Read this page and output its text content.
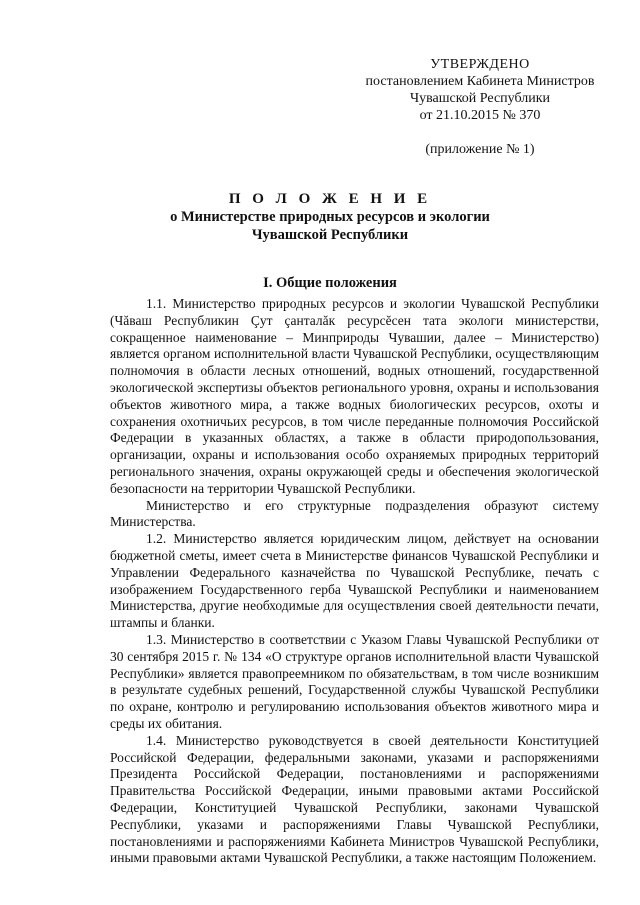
УТВЕРЖДЕНО
постановлением Кабинета Министров
Чувашской Республики
от 21.10.2015 № 370
(приложение № 1)
П О Л О Ж Е Н И Е
о Министерстве природных ресурсов и экологии
Чувашской Республики
I. Общие положения

1.1. Министерство природных ресурсов и экологии Чувашской Республики (Чăваш Республикин Çут çанталăк ресурсĕсен тата экологи министерстви, сокращенное наименование – Минприроды Чувашии, далее – Министерство) является органом исполнительной власти Чувашской Республики, осуществляющим полномочия в области лесных отношений, водных отношений, государственной экологической экспертизы объектов регионального уровня, охраны и использования объектов животного мира, а также водных биологических ресурсов, охоты и сохранения охотничьих ресурсов, в том числе переданные полномочия Российской Федерации в указанных областях, а также в области природопользования, организации, охраны и использования особо охраняемых природных территорий регионального значения, охраны окружающей среды и обеспечения экологической безопасности на территории Чувашской Республики.

Министерство и его структурные подразделения образуют систему Министерства.

1.2. Министерство является юридическим лицом, действует на основании бюджетной сметы, имеет счета в Министерстве финансов Чувашской Республики и Управлении Федерального казначейства по Чувашской Республике, печать с изображением Государственного герба Чувашской Республики и наименованием Министерства, другие необходимые для осуществления своей деятельности печати, штампы и бланки.

1.3. Министерство в соответствии с Указом Главы Чувашской Республики от 30 сентября 2015 г. № 134 «О структуре органов исполнительной власти Чувашской Республики» является правопреемником по обязательствам, в том числе возникшим в результате судебных решений, Государственной службы Чувашской Республики по охране, контролю и регулированию использования объектов животного мира и среды их обитания.

1.4. Министерство руководствуется в своей деятельности Конституцией Российской Федерации, федеральными законами, указами и распоряжениями Президента Российской Федерации, постановлениями и распоряжениями Правительства Российской Федерации, иными правовыми актами Российской Федерации, Конституцией Чувашской Республики, законами Чувашской Республики, указами и распоряжениями Главы Чувашской Республики, постановлениями и распоряжениями Кабинета Министров Чувашской Республики, иными правовыми актами Чувашской Республики, а также настоящим Положением.
